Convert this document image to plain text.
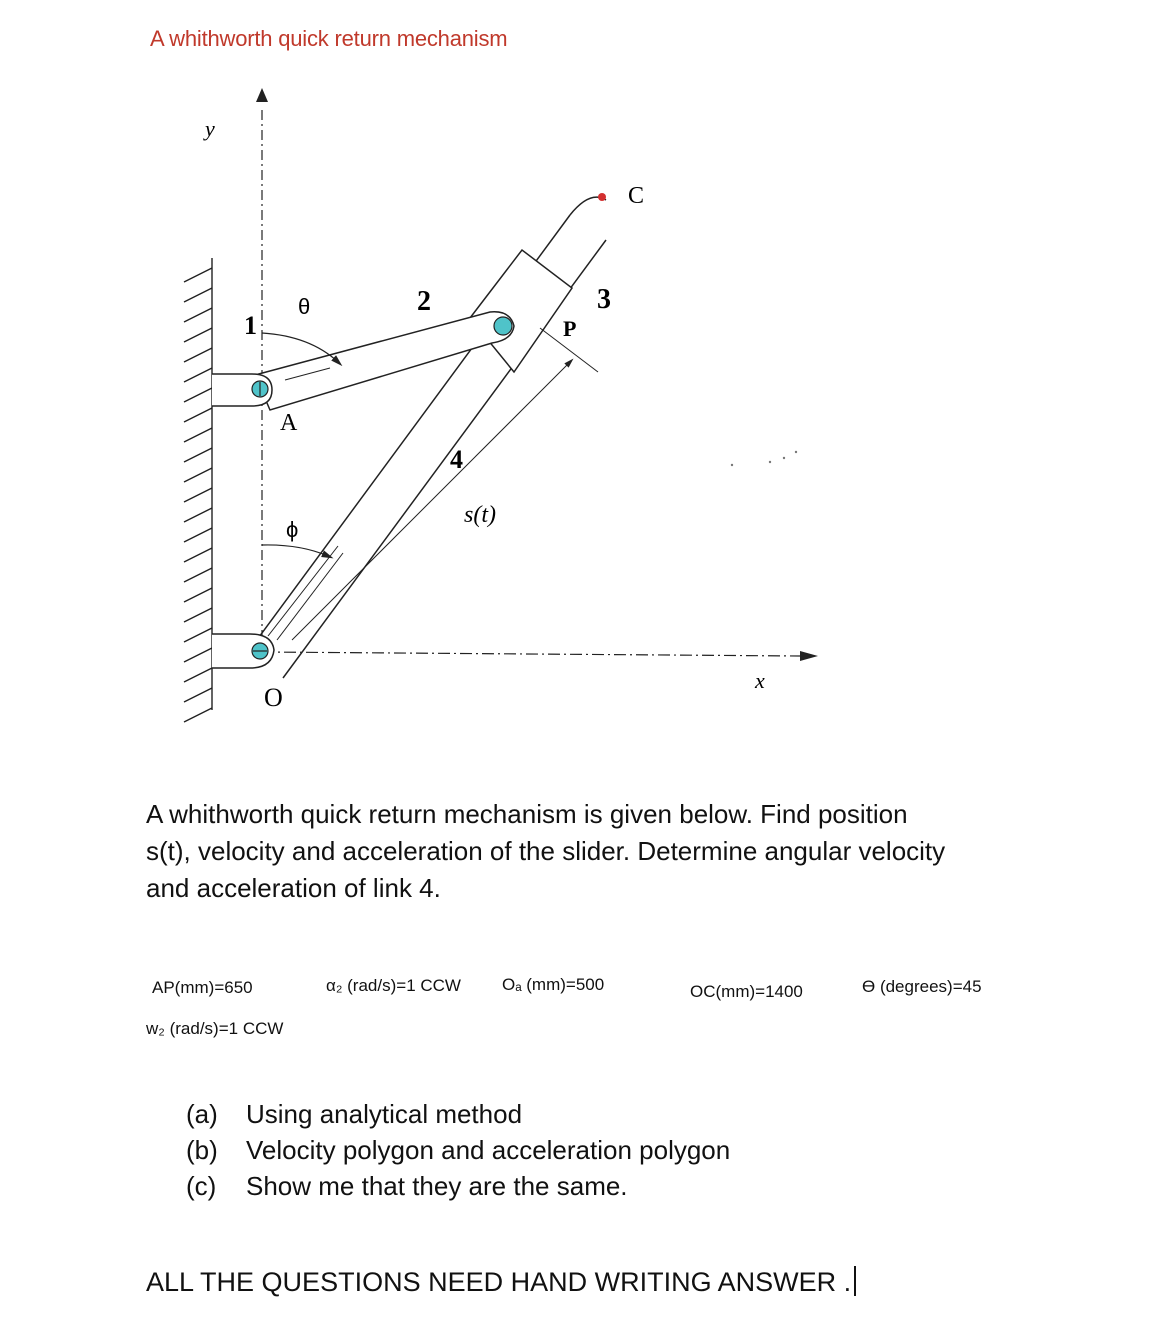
A whithworth quick return mechanism
y
x
1
θ	2	3
4
A
P
C
O
ϕ
s(t)
A whithworth quick return mechanism is given below. Find position
s(t), velocity and acceleration of the slider. Determine angular velocity
and acceleration of link 4.
AP(mm)=650	α₂ (rad/s)=1 CCW Oₐ (mm)=500	OC(mm)=1400	ϴ (degrees)=45
w₂ (rad/s)=1 CCW
(a)	Using analytical method
(b)	Velocity polygon and acceleration polygon
(c)	Show me that they are the same.
ALL THE QUESTIONS NEED HAND WRITING ANSWER .
